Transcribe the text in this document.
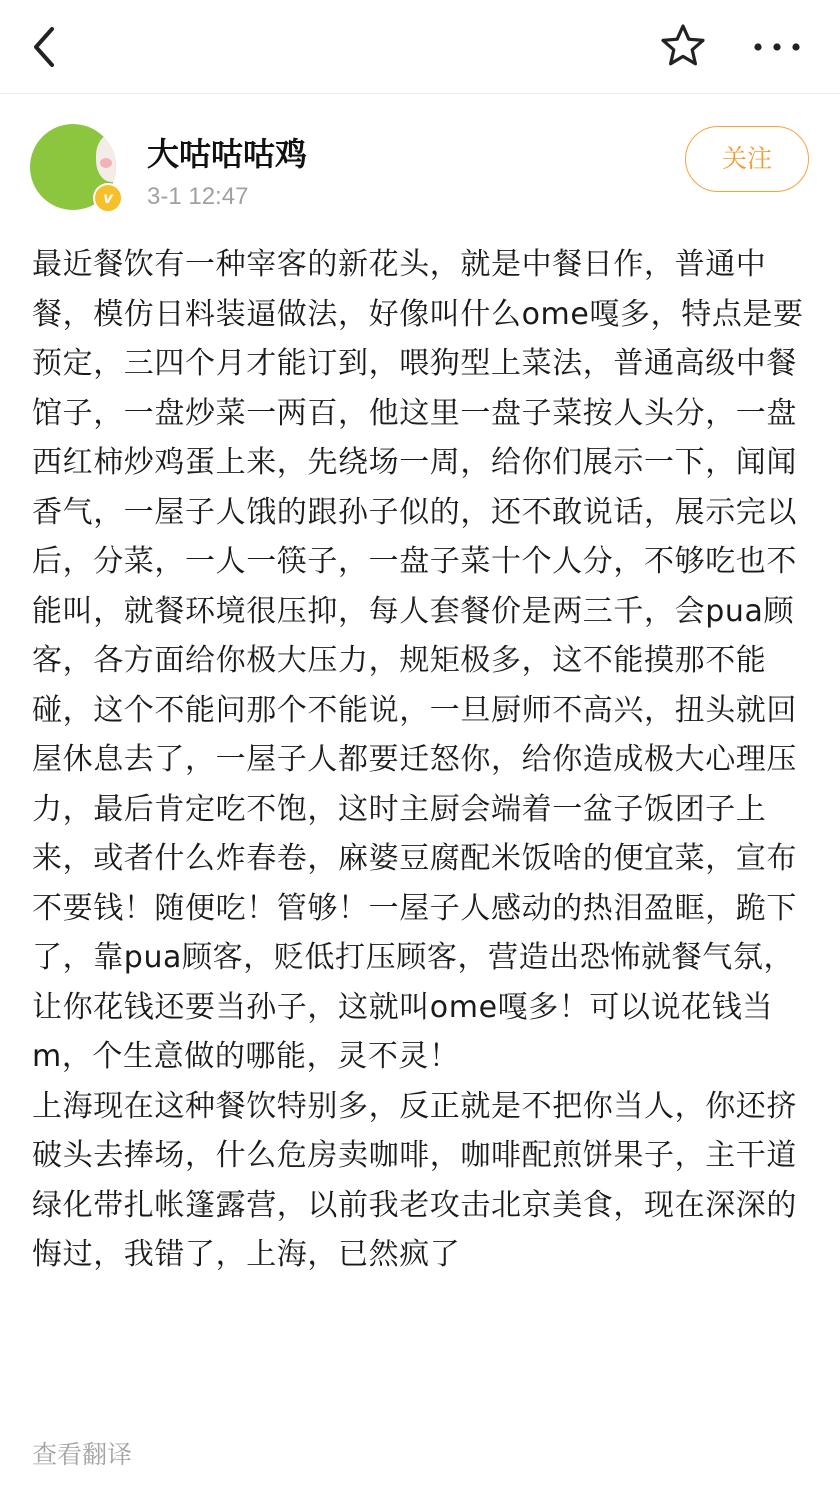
v
大咕咕咕鸡
3-1 12:47
关注

最近餐饮有一种宰客的新花头，就是中餐日作，普通中餐，模仿日料装逼做法，好像叫什么ome嘎多，特点是要预定，三四个月才能订到，喂狗型上菜法，普通高级中餐馆子，一盘炒菜一两百，他这里一盘子菜按人头分，一盘西红柿炒鸡蛋上来，先绕场一周，给你们展示一下，闻闻香气，一屋子人饿的跟孙子似的，还不敢说话，展示完以后，分菜，一人一筷子，一盘子菜十个人分，不够吃也不能叫，就餐环境很压抑，每人套餐价是两三千，会pua顾客，各方面给你极大压力，规矩极多，这不能摸那不能碰，这个不能问那个不能说，一旦厨师不高兴，扭头就回屋休息去了，一屋子人都要迁怒你，给你造成极大心理压力，最后肯定吃不饱，这时主厨会端着一盆子饭团子上来，或者什么炸春卷，麻婆豆腐配米饭啥的便宜菜，宣布不要钱！随便吃！管够！一屋子人感动的热泪盈眶，跪下了，靠pua顾客，贬低打压顾客，营造出恐怖就餐气氛，让你花钱还要当孙子，这就叫ome嘎多！可以说花钱当m，个生意做的哪能，灵不灵！
上海现在这种餐饮特别多，反正就是不把你当人，你还挤破头去捧场，什么危房卖咖啡，咖啡配煎饼果子，主干道绿化带扎帐篷露营，以前我老攻击北京美食，现在深深的悔过，我错了，上海，已然疯了

查看翻译
